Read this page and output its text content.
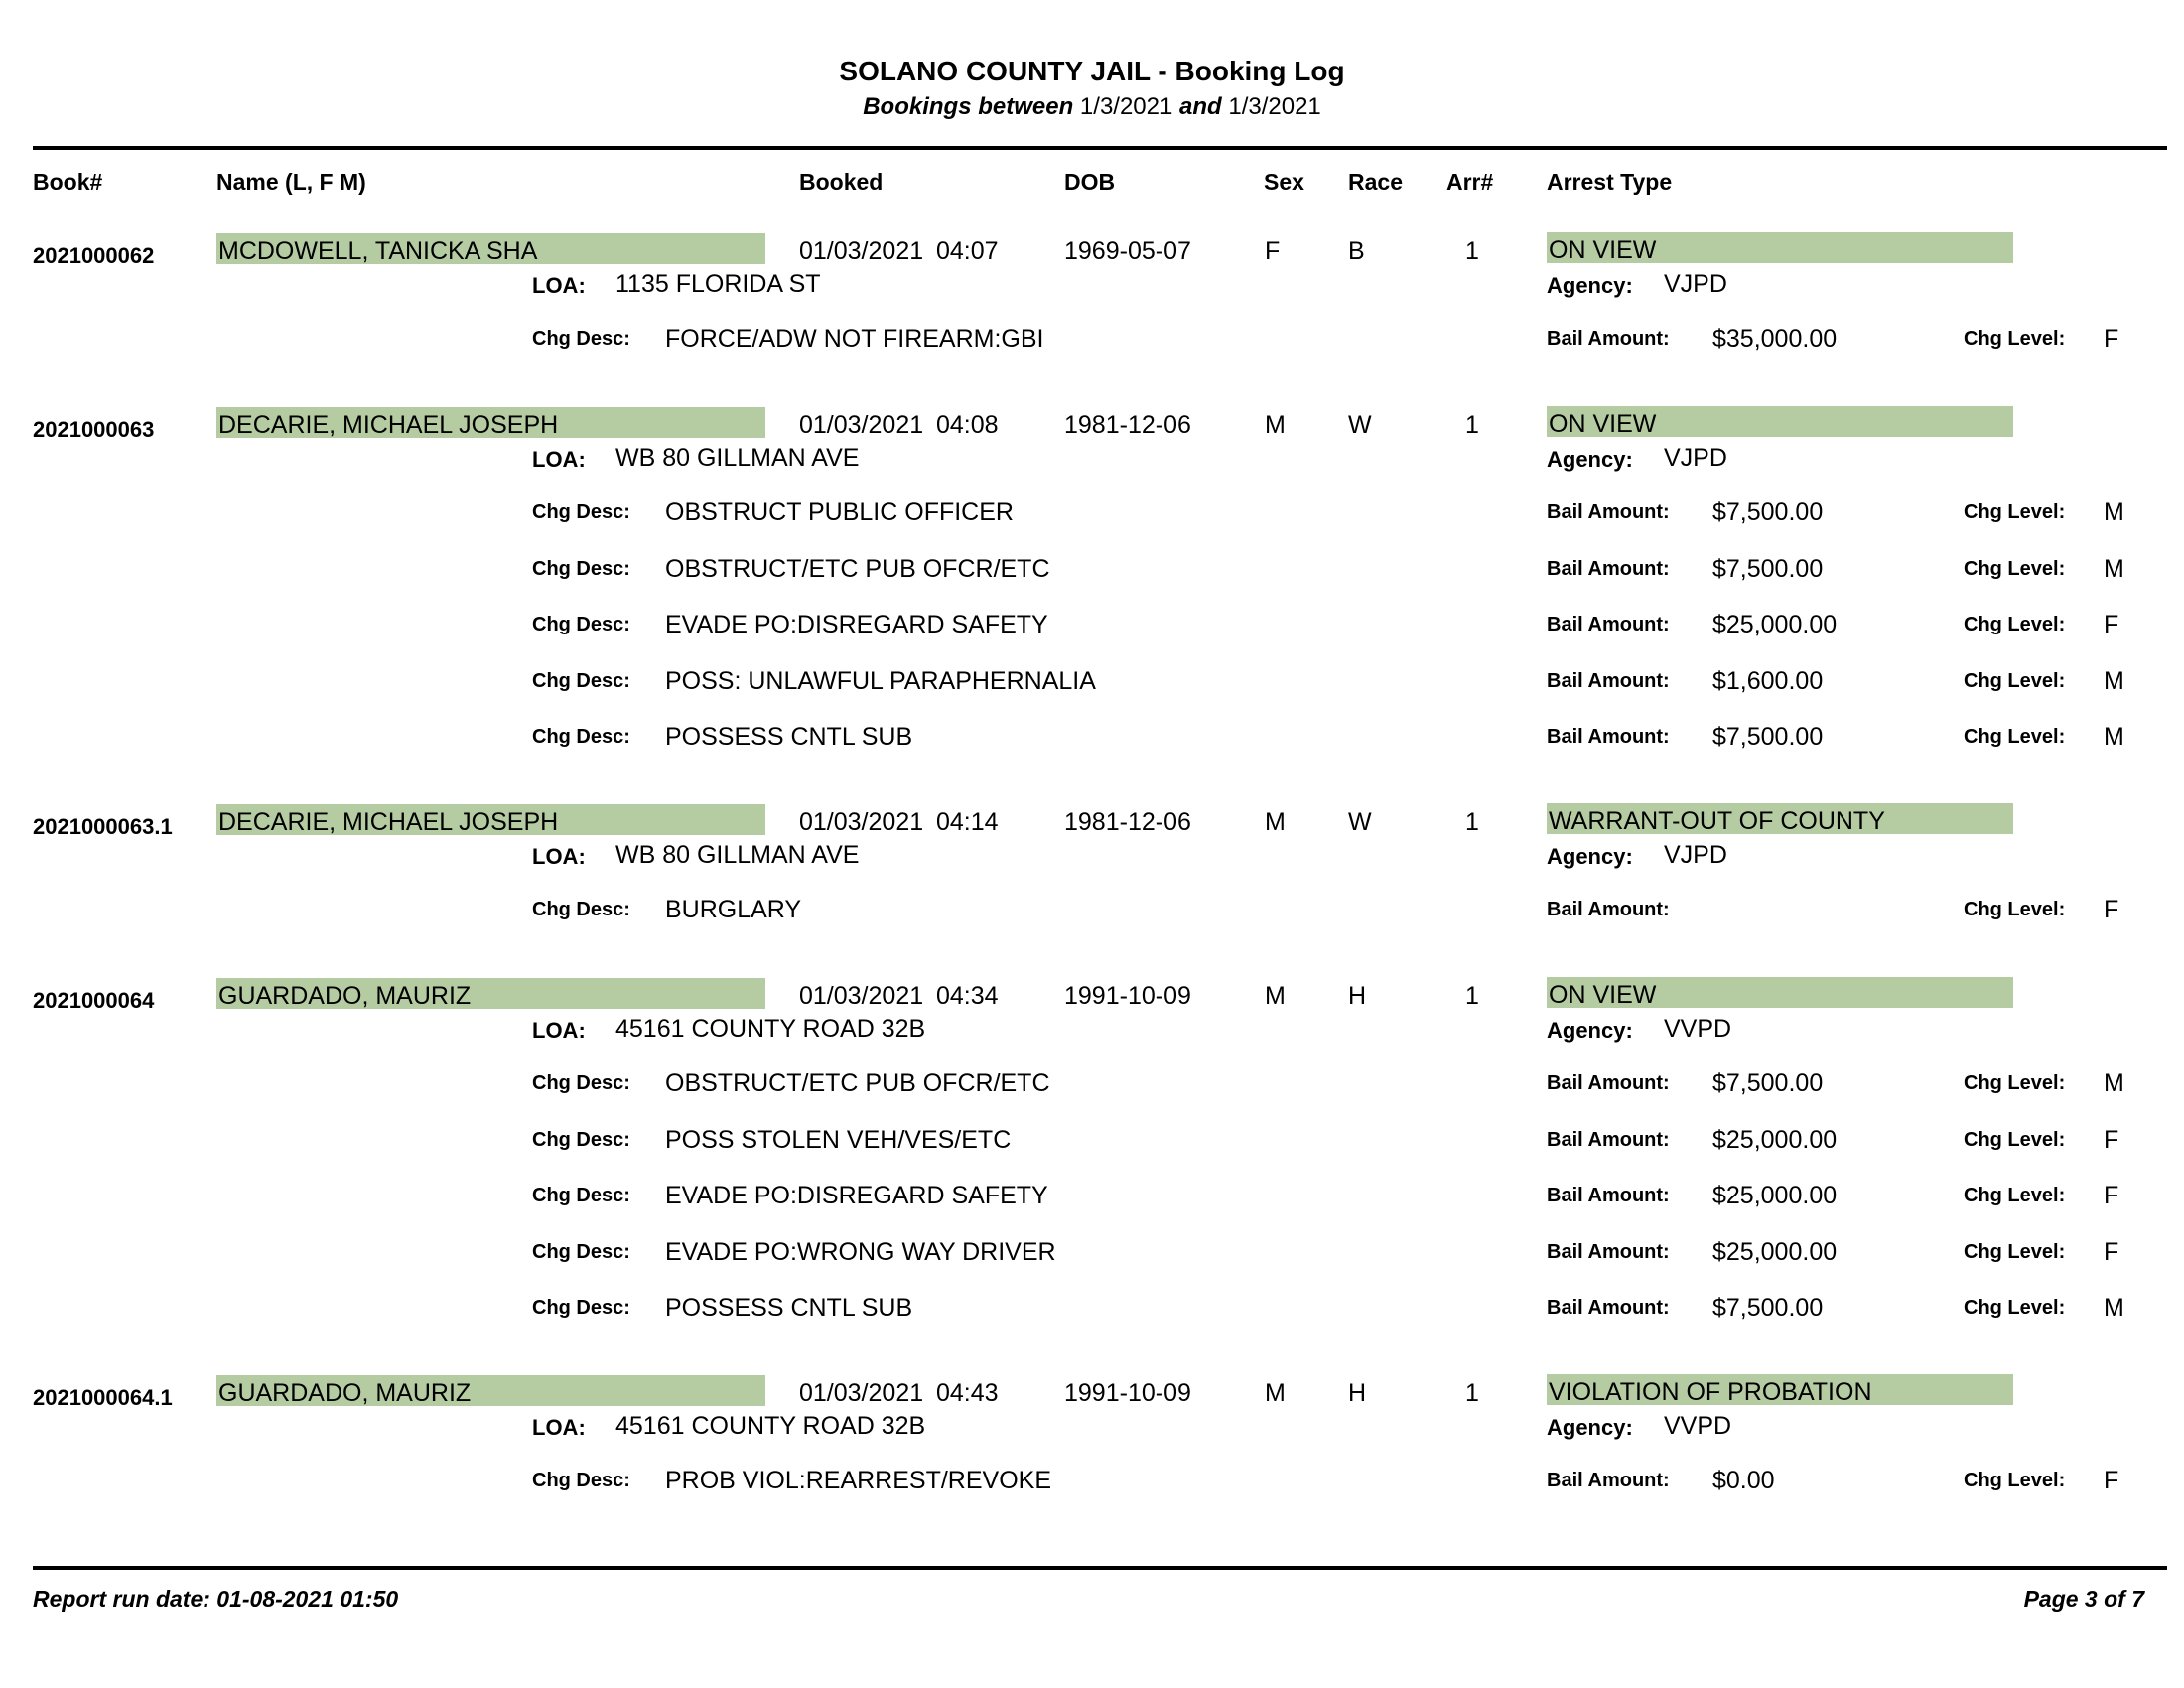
SOLANO COUNTY JAIL - Booking Log
Bookings between 1/3/2021 and 1/3/2021
Book#	Name (L, F M)	Booked	DOB	Sex Race Arr# Arrest Type
2021000062	MCDOWELL, TANICKA SHA	01/03/2021 04:07	1969-05-07	F	B	1	ON VIEW
LOA: 1135 FLORIDA ST	Agency: VJPD
Chg Desc: FORCE/ADW NOT FIREARM:GBI	Bail Amount: $35,000.00	Chg Level: F
2021000063	DECARIE, MICHAEL JOSEPH	01/03/2021 04:08	1981-12-06	M	W	1	ON VIEW
LOA: WB 80 GILLMAN AVE	Agency: VJPD
Chg Desc: OBSTRUCT PUBLIC OFFICER	Bail Amount: $7,500.00	Chg Level: M
Chg Desc: OBSTRUCT/ETC PUB OFCR/ETC	Bail Amount: $7,500.00	Chg Level: M
Chg Desc: EVADE PO:DISREGARD SAFETY	Bail Amount: $25,000.00	Chg Level: F
Chg Desc: POSS: UNLAWFUL PARAPHERNALIA	Bail Amount: $1,600.00	Chg Level: M
Chg Desc: POSSESS CNTL SUB	Bail Amount: $7,500.00	Chg Level: M
2021000063.1 DECARIE, MICHAEL JOSEPH	01/03/2021 04:14	1981-12-06	M	W	1	WARRANT-OUT OF COUNTY
LOA: WB 80 GILLMAN AVE	Agency: VJPD
Chg Desc: BURGLARY	Bail Amount:	Chg Level: F
2021000064	GUARDADO, MAURIZ	01/03/2021 04:34	1991-10-09	M	H	1	ON VIEW
LOA: 45161 COUNTY ROAD 32B	Agency: VVPD
Chg Desc: OBSTRUCT/ETC PUB OFCR/ETC	Bail Amount: $7,500.00	Chg Level: M
Chg Desc: POSS STOLEN VEH/VES/ETC	Bail Amount: $25,000.00	Chg Level: F
Chg Desc: EVADE PO:DISREGARD SAFETY	Bail Amount: $25,000.00	Chg Level: F
Chg Desc: EVADE PO:WRONG WAY DRIVER	Bail Amount: $25,000.00	Chg Level: F
Chg Desc: POSSESS CNTL SUB	Bail Amount: $7,500.00	Chg Level: M
2021000064.1 GUARDADO, MAURIZ	01/03/2021 04:43	1991-10-09	M	H	1	VIOLATION OF PROBATION
LOA: 45161 COUNTY ROAD 32B	Agency: VVPD
Chg Desc: PROB VIOL:REARREST/REVOKE	Bail Amount: $0.00	Chg Level: F
Report run date: 01-08-2021 01:50	Page 3 of 7
